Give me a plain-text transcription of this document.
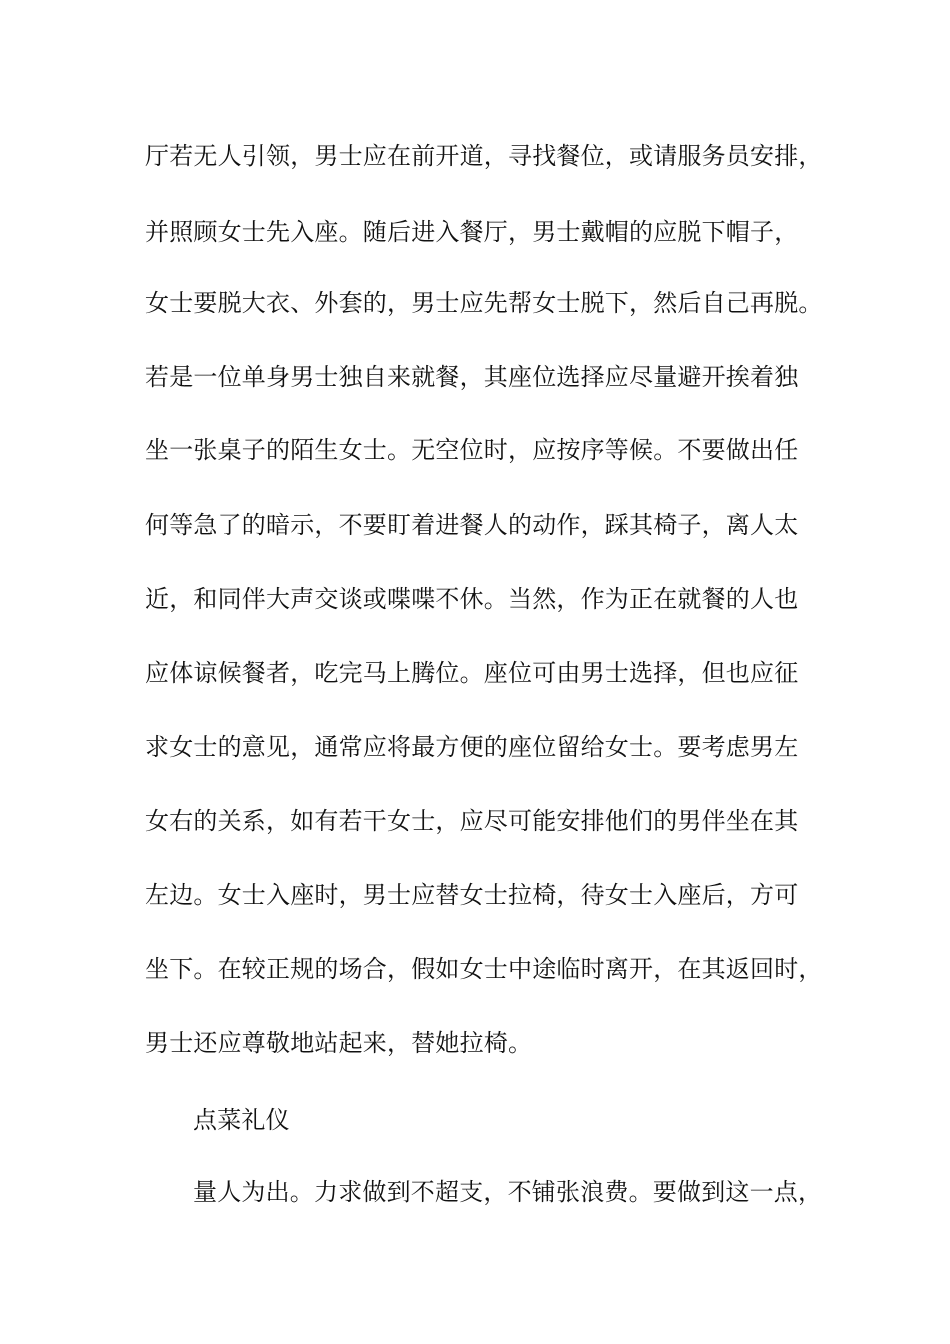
厅若无人引领，男士应在前开道，寻找餐位，或请服务员安排，
并照顾女士先入座。随后进入餐厅，男士戴帽的应脱下帽子，
女士要脱大衣、外套的，男士应先帮女士脱下，然后自己再脱。
若是一位单身男士独自来就餐，其座位选择应尽量避开挨着独
坐一张桌子的陌生女士。无空位时，应按序等候。不要做出任
何等急了的暗示，不要盯着进餐人的动作，踩其椅子，离人太
近，和同伴大声交谈或喋喋不休。当然，作为正在就餐的人也
应体谅候餐者，吃完马上腾位。座位可由男士选择，但也应征
求女士的意见，通常应将最方便的座位留给女士。要考虑男左
女右的关系，如有若干女士，应尽可能安排他们的男伴坐在其
左边。女士入座时，男士应替女士拉椅，待女士入座后，方可
坐下。在较正规的场合，假如女士中途临时离开，在其返回时，
男士还应尊敬地站起来，替她拉椅。
点菜礼仪
量人为出。力求做到不超支，不铺张浪费。要做到这一点，
